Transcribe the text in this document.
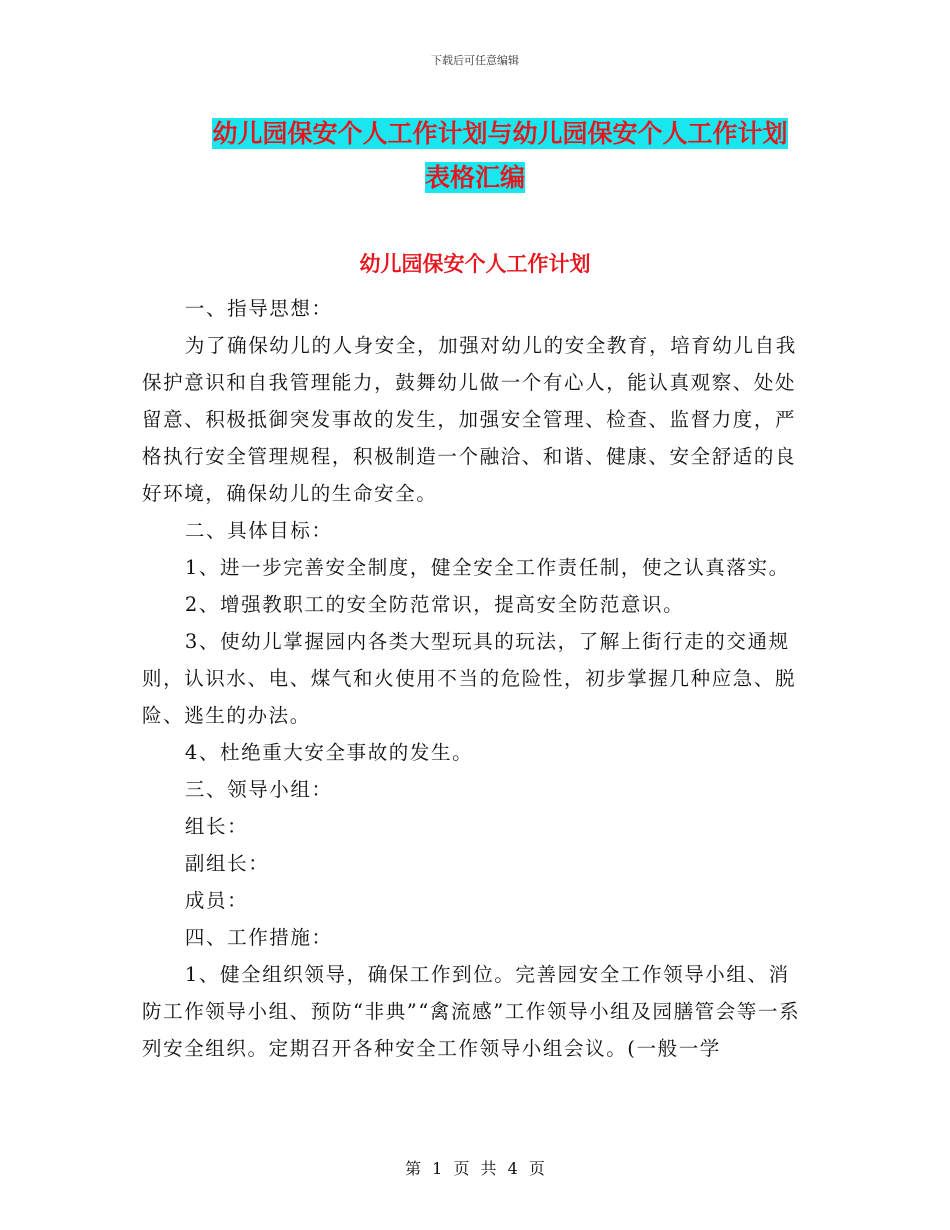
下载后可任意编辑
幼儿园保安个人工作计划与幼儿园保安个人工作计划
表格汇编
幼儿园保安个人工作计划

一、指导思想：

为了确保幼儿的人身安全，加强对幼儿的安全教育，培育幼儿自我保护意识和自我管理能力，鼓舞幼儿做一个有心人，能认真观察、处处留意、积极抵御突发事故的发生，加强安全管理、检查、监督力度，严格执行安全管理规程，积极制造一个融洽、和谐、健康、安全舒适的良好环境，确保幼儿的生命安全。

二、具体目标：

1、进一步完善安全制度，健全安全工作责任制，使之认真落实。

2、增强教职工的安全防范常识，提高安全防范意识。

3、使幼儿掌握园内各类大型玩具的玩法，了解上街行走的交通规则，认识水、电、煤气和火使用不当的危险性，初步掌握几种应急、脱险、逃生的办法。

4、杜绝重大安全事故的发生。

三、领导小组：

组长：

副组长：

成员：

四、工作措施：

1、健全组织领导，确保工作到位。完善园安全工作领导小组、消防工作领导小组、预防“非典”“禽流感”工作领导小组及园膳管会等一系列安全组织。定期召开各种安全工作领导小组会议。(一般一学

第 1 页 共 4 页
